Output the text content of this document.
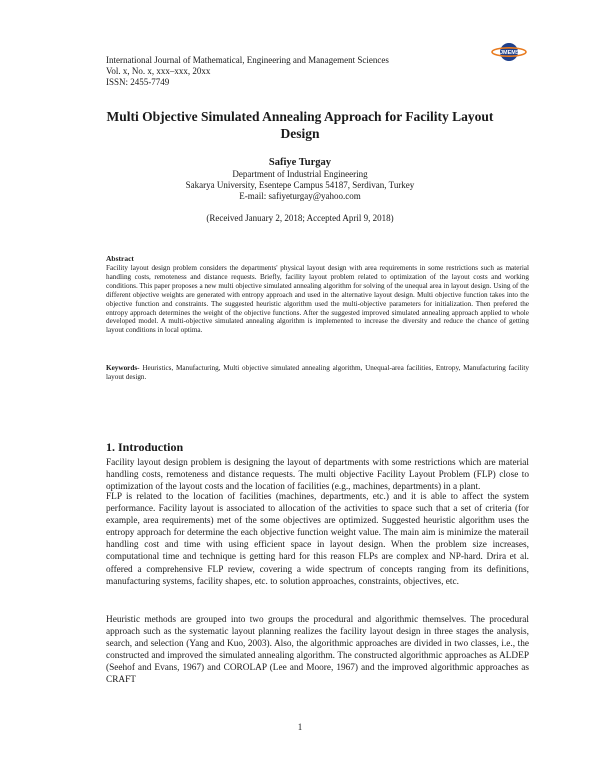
International Journal of Mathematical, Engineering and Management Sciences
Vol. x, No. x, xxx–xxx, 20xx
ISSN: 2455-7749
IJMEMS
Multi Objective Simulated Annealing Approach for Facility Layout Design
Safiye Turgay
Department of Industrial Engineering
Sakarya University, Esentepe Campus 54187, Serdivan, Turkey
E-mail: safiyeturgay@yahoo.com
(Received January 2, 2018; Accepted April 9, 2018)
Abstract
Facility layout design problem considers the departments' physical layout design with area requirements in some restrictions such as material handling costs, remoteness and distance requests. Briefly, facility layout problem related to optimization of the layout costs and working conditions. This paper proposes a new multi objective simulated annealing algorithm for solving of the unequal area in layout design. Using of the different objective weights are generated with entropy approach and used in the alternative layout design. Multi objective function takes into the objective function and constraints. The suggested heuristic algorithm used the multi-objective parameters for initialization. Then prefered the entropy approach determines the weight of the objective functions. After the suggested improved simulated annealing approach applied to whole developed model. A multi-objective simulated annealing algorithm is implemented to increase the diversity and reduce the chance of getting layout conditions in local optima.
Keywords- Heuristics, Manufacturing, Multi objective simulated annealing algorithm, Unequal-area facilities, Entropy, Manufacturing facility layout design.
1. Introduction
Facility layout design problem is designing the layout of departments with some restrictions which are material handling costs, remoteness and distance requests. The multi objective Facility Layout Problem (FLP) close to optimization of the layout costs and the location of facilities (e.g., machines, departments) in a plant.
FLP is related to the location of facilities (machines, departments, etc.) and it is able to affect the system performance. Facility layout is associated to allocation of the activities to space such that a set of criteria (for example, area requirements) met of the some objectives are optimized. Suggested heuristic algorithm uses the entropy approach for determine the each objective function weight value. The main aim is minimize the materail handling cost and time with using efficient space in layout design. When the problem size increases, computational time and technique is getting hard for this reason FLPs are complex and NP-hard. Drira et al. offered a comprehensive FLP review, covering a wide spectrum of concepts ranging from its definitions, manufacturing systems, facility shapes, etc. to solution approaches, constraints, objectives, etc.
Heuristic methods are grouped into two groups the procedural and algorithmic themselves. The procedural approach such as the systematic layout planning realizes the facility layout design in three stages the analysis, search, and selection (Yang and Kuo, 2003). Also, the algorithmic approaches are divided in two classes, i.e., the constructed and improved the simulated annealing algorithm. The constructed algorithmic approaches as ALDEP (Seehof and Evans, 1967) and COROLAP (Lee and Moore, 1967) and the improved algorithmic approaches as CRAFT
1
